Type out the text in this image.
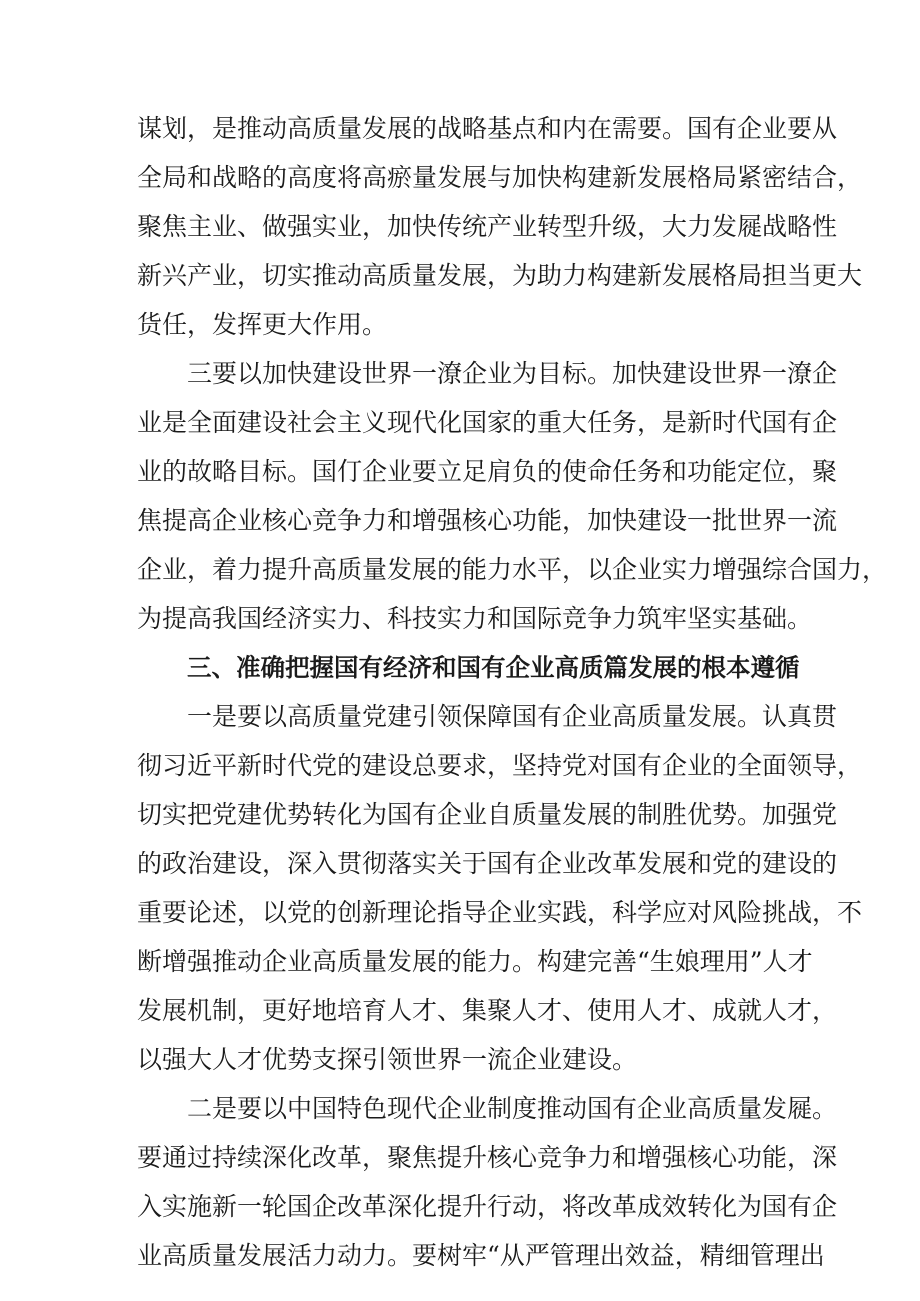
谋划，是推动高质量发展的战略基点和内在需要。国有企业要从
全局和战略的高度将高瘀量发展与加快构建新发展格局紧密结合，
聚焦主业、做强实业，加快传统产业转型升级，大力发屣战略性
新兴产业，切实推动高质量发展，为助力构建新发展格局担当更大
货任，发挥更大作用。
三要以加快建设世界一潦企业为目标。加快建设世界一潦企
业是全面建设社会主义现代化国家的重大任务，是新时代国有企
业的故略目标。国仃企业要立足肩负的使命任务和功能定位，聚
焦提高企业核心竞争力和增强核心功能，加快建设一批世界一流
企业，着力提升高质量发展的能力水平，以企业实力增强综合国力，
为提高我国经济实力、科技实力和国际竞争力筑牢坚实基础。
三、准确把握国有经济和国有企业高质篇发展的根本遵循
一是要以高质量党建引领保障国有企业高质量发展。认真贯
彻习近平新时代党的建设总要求，坚持党对国有企业的全面领导，
切实把党建优势转化为国有企业自质量发展的制胜优势。加强党
的政治建设，深入贯彻落实关于国有企业改革发展和党的建设的
重要论述，以党的创新理论指导企业实践，科学应对风险挑战，不
断增强推动企业高质量发展的能力。构建完善“生娘理用”人才
发展机制，更好地培育人才、集聚人才、使用人才、成就人才，
以强大人才优势支探引领世界一流企业建设。
二是要以中国特色现代企业制度推动国有企业高质量发屣。
要通过持续深化改革，聚焦提升核心竞争力和增强核心功能，深
入实施新一轮国企改革深化提升行动，将改革成效转化为国有企
业高质量发展活力动力。要树牢“从严管理出效益，精细管理出
